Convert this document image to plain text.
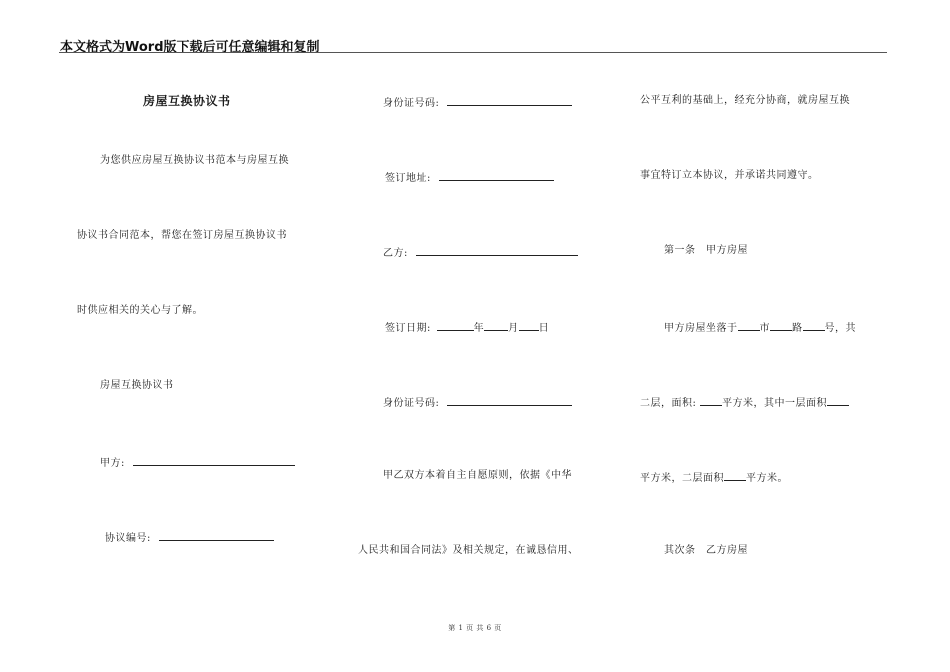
本文格式为Word版下载后可任意编辑和复制
房屋互换协议书
为您供应房屋互换协议书范本与房屋互换
协议书合同范本，帮您在签订房屋互换协议书
时供应相关的关心与了解。
房屋互换协议书
甲方:
协议编号:
身份证号码:
签订地址:
乙方:
签订日期:	年 月 日
身份证号码:
甲乙双方本着自主自愿原则，依据《中华
人民共和国合同法》及相关规定，在诚恳信用、
公平互利的基础上，经充分协商，就房屋互换
事宜特订立本协议，并承诺共同遵守。
第一条　甲方房屋
甲方房屋坐落于 市 路 号，共
二层，面积:	平方米，其中一层面积
平方米，二层面积 平方米。
其次条　乙方房屋
第 1 页 共 6 页
